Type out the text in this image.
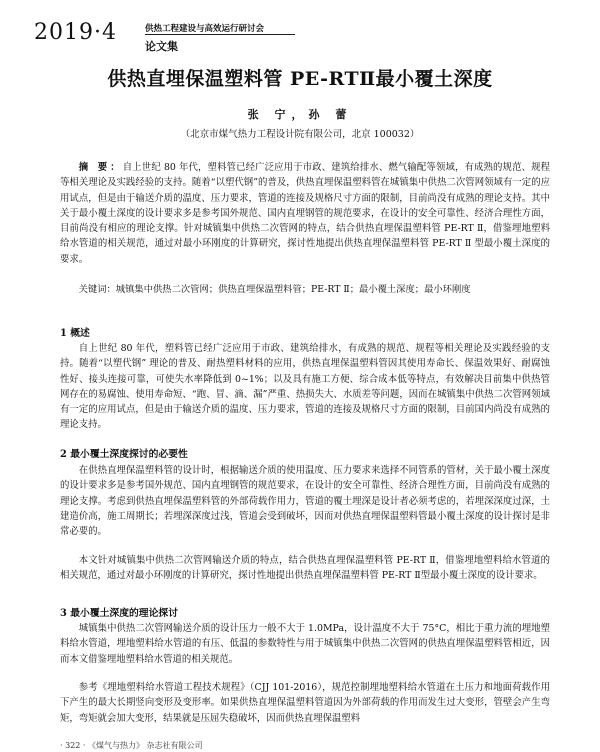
2019·4	供热工程建设与高效运行研讨会
论文集
供热直埋保温塑料管 PE-RTⅡ最小覆土深度
张 宁，孙 蕾
（北京市煤气热力工程设计院有限公司，北京 100032）

摘 要：自上世纪 80 年代，塑料管已经广泛应用于市政、建筑给排水、燃气输配等领域，有成熟的规范、规程等相关理论及实践经验的支持。随着“以塑代钢”的普及，供热直埋保温塑料管在城镇集中供热二次管网领域有一定的应用试点，但是由于输送介质的温度、压力要求，管道的连接及规格尺寸方面的限制，目前尚没有成熟的理论支持。其中关于最小覆土深度的设计要求多是参考国外规范、国内直埋钢管的规范要求，在设计的安全可靠性、经济合理性方面，目前尚没有相应的理论支撑。针对城镇集中供热二次管网的特点，结合供热直埋保温塑料管 PE-RT Ⅱ，借鉴埋地塑料给水管道的相关规范，通过对最小环刚度的计算研究，探讨性地提出供热直埋保温塑料管 PE-RT Ⅱ 型最小覆土深度的要求。

关键词：城镇集中供热二次管网；供热直埋保温塑料管；PE-RT Ⅱ；最小覆土深度；最小环刚度

1 概述

自上世纪 80 年代，塑料管已经广泛应用于市政、建筑给排水，有成熟的规范、规程等相关理论及实践经验的支持。随着“以塑代钢” 理论的普及、耐热塑料材料的应用，供热直埋保温塑料管因其使用寿命长、保温效果好、耐腐蚀性好、接头连接可靠，可使失水率降低到 0~1%；以及具有施工方便、综合成本低等特点，有效解决目前集中供热管网存在的易腐蚀、使用寿命短、“跑、冒、滴、漏”严重、热损失大、水质差等问题，因而在城镇集中供热二次管网领域有一定的应用试点，但是由于输送介质的温度、压力要求，管道的连接及规格尺寸方面的限制，目前国内尚没有成熟的理论支持。

2 最小覆土深度探讨的必要性

在供热直埋保温塑料管的设计时，根据输送介质的使用温度、压力要求来选择不同管系的管材，关于最小覆土深度的设计要求多是参考国外规范、国内直埋钢管的规范要求，在设计的安全可靠性、经济合理性方面，目前尚没有成熟的理论支撑。考虑到供热直埋保温塑料管的外部荷载作用力，管道的覆土埋深是设计者必须考虑的，若埋深深度过深，土建造价高，施工周期长；若埋深深度过浅，管道会受到破坏，因而对供热直埋保温塑料管最小覆土深度的设计探讨是非常必要的。

本文针对城镇集中供热二次管网输送介质的特点，结合供热直埋保温塑料管 PE-RT Ⅱ，借鉴埋地塑料给水管道的相关规范，通过对最小环刚度的计算研究，探讨性地提出供热直埋保温塑料管 PE-RT Ⅱ型最小覆土深度的设计要求。

3 最小覆土深度的理论探讨

城镇集中供热二次管网输送介质的设计压力一般不大于 1.0MPa，设计温度不大于 75°C，相比于重力流的埋地塑料给水管道，埋地塑料给水管道的有压、低温的参数特性与用于城镇集中供热二次管网的供热直埋保温塑料管相近，因而本文借鉴埋地塑料给水管道的相关规范。

参考《埋地塑料给水管道工程技术规程》（CJJ 101-2016），规范控制埋地塑料给水管道在土压力和地面荷载作用下产生的最大长期竖向变形及变形率。如果供热直埋保温塑料管道因为外部荷载的作用而发生过大变形，管壁会产生弯矩，弯矩就会加大变形，结果就是压屈失稳破坏，因而供热直埋保温塑料

· 322 · 《煤气与热力》 杂志社有限公司
